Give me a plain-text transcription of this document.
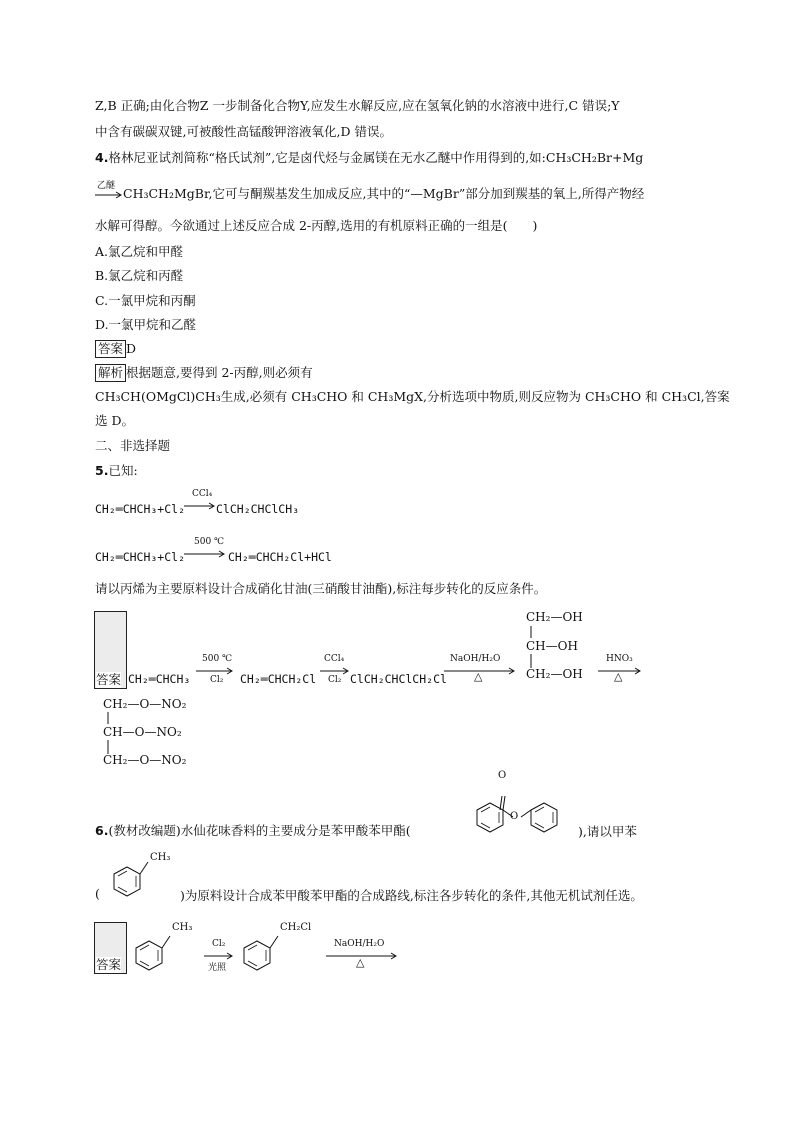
Z,B 正确;由化合物Z 一步制备化合物Y,应发生水解反应,应在氢氧化钠的水溶液中进行,C 错误;Y
中含有碳碳双键,可被酸性高锰酸钾溶液氧化,D 错误。
4.格林尼亚试剂简称“格氏试剂”,它是卤代烃与金属镁在无水乙醚中作用得到的,如:CH₃CH₂Br+Mg
乙醚 CH₃CH₂MgBr,它可与酮羰基发生加成反应,其中的“—MgBr”部分加到羰基的氧上,所得产物经
水解可得醇。今欲通过上述反应合成 2-丙醇,选用的有机原料正确的一组是(　　)
A.氯乙烷和甲醛
B.氯乙烷和丙醛
C.一氯甲烷和丙酮
D.一氯甲烷和乙醛
答案 D
解析 根据题意,要得到 2-丙醇,则必须有
CH₃CH(OMgCl)CH₃生成,必须有 CH₃CHO 和 CH₃MgX,分析选项中物质,则反应物为 CH₃CHO 和 CH₃Cl,答案
选 D。
二、非选择题
5.已知:
CH₂═CHCH₃+Cl₂
CCl₄
ClCH₂CHClCH₃
CH₂═CHCH₃+Cl₂
500 ℃
CH₂═CHCH₂Cl+HCl
请以丙烯为主要原料设计合成硝化甘油(三硝酸甘油酯),标注每步转化的反应条件。
答案 CH₂═CHCH₃
500 ℃
Cl₂ CH₂═CHCH₂Cl
CCl₄
Cl₂ ClCH₂CHClCH₂Cl
NaOH/H₂O
△
CH₂—OH
CH—OH
CH₂—OH
HNO₃
△
CH₂—O—NO₂
CH—O—NO₂
CH₂—O—NO₂
6.(教材改编题)水仙花味香料的主要成分是苯甲酸苯甲酯(
O
O
),请以甲苯
(
CH₃
)为原料设计合成苯甲酸苯甲酯的合成路线,标注各步转化的条件,其他无机试剂任选。
答案
CH₃
Cl₂
光照
CH₂Cl
NaOH/H₂O
△
